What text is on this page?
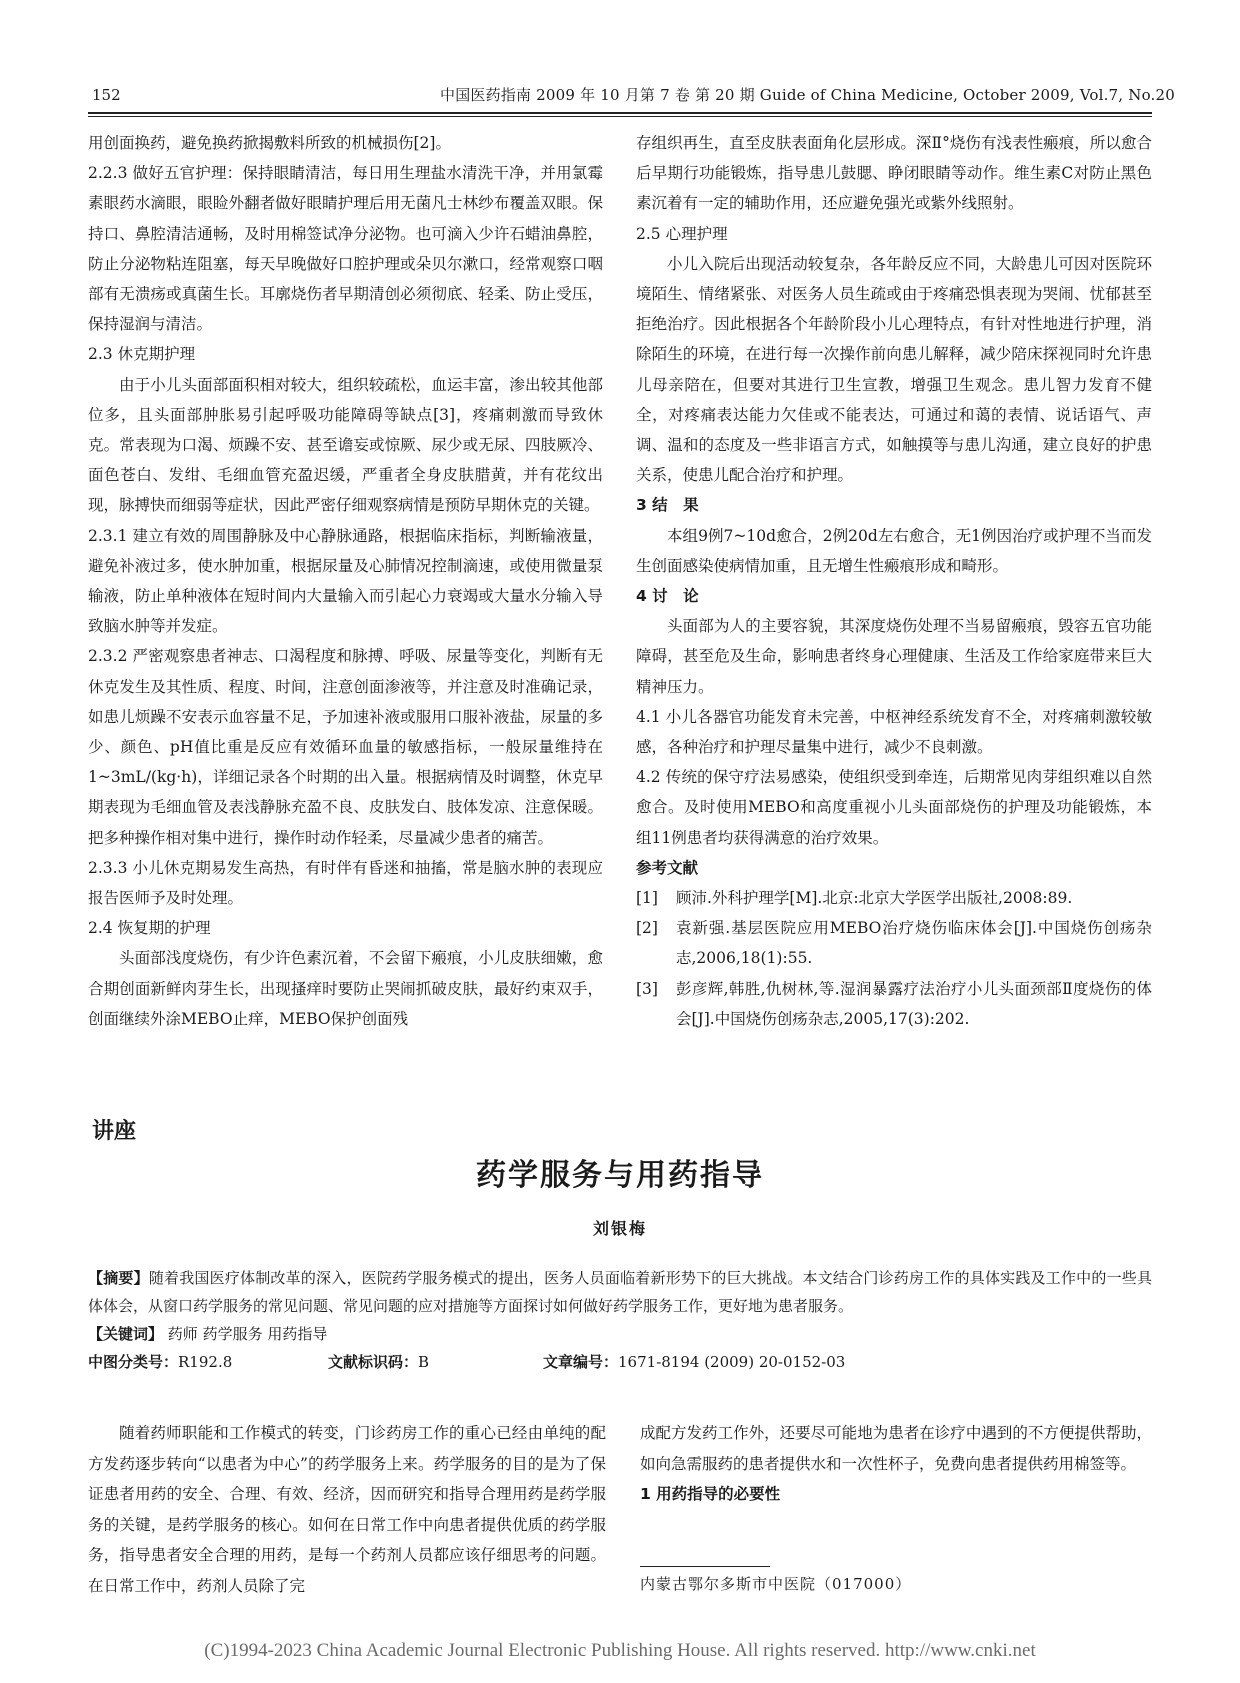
152	中国医药指南 2009 年 10 月第 7 卷 第 20 期 Guide of China Medicine, October 2009, Vol.7, No.20

用创面换药，避免换药掀揭敷料所致的机械损伤[2]。

2.2.3 做好五官护理：保持眼睛清洁，每日用生理盐水清洗干净，并用氯霉素眼药水滴眼，眼睑外翻者做好眼睛护理后用无菌凡士林纱布覆盖双眼。保持口、鼻腔清洁通畅，及时用棉签试净分泌物。也可滴入少许石蜡油鼻腔，防止分泌物粘连阻塞，每天早晚做好口腔护理或朵贝尔漱口，经常观察口咽部有无溃疡或真菌生长。耳廓烧伤者早期清创必须彻底、轻柔、防止受压，保持湿润与清洁。

2.3 休克期护理

由于小儿头面部面积相对较大，组织较疏松，血运丰富，渗出较其他部位多，且头面部肿胀易引起呼吸功能障碍等缺点[3]，疼痛刺激而导致休克。常表现为口渴、烦躁不安、甚至谵妄或惊厥、尿少或无尿、四肢厥冷、面色苍白、发绀、毛细血管充盈迟缓，严重者全身皮肤腊黄，并有花纹出现，脉搏快而细弱等症状，因此严密仔细观察病情是预防早期休克的关键。

2.3.1 建立有效的周围静脉及中心静脉通路，根据临床指标，判断输液量，避免补液过多，使水肿加重，根据尿量及心肺情况控制滴速，或使用微量泵输液，防止单种液体在短时间内大量输入而引起心力衰竭或大量水分输入导致脑水肿等并发症。

2.3.2 严密观察患者神志、口渴程度和脉搏、呼吸、尿量等变化，判断有无休克发生及其性质、程度、时间，注意创面渗液等，并注意及时准确记录，如患儿烦躁不安表示血容量不足，予加速补液或服用口服补液盐，尿量的多少、颜色、pH值比重是反应有效循环血量的敏感指标，一般尿量维持在1~3mL/(kg·h)，详细记录各个时期的出入量。根据病情及时调整，休克早期表现为毛细血管及表浅静脉充盈不良、皮肤发白、肢体发凉、注意保暖。把多种操作相对集中进行，操作时动作轻柔，尽量减少患者的痛苦。

2.3.3 小儿休克期易发生高热，有时伴有昏迷和抽搐，常是脑水肿的表现应报告医师予及时处理。

2.4 恢复期的护理

头面部浅度烧伤，有少许色素沉着，不会留下瘢痕，小儿皮肤细嫩，愈合期创面新鲜肉芽生长，出现搔痒时要防止哭闹抓破皮肤，最好约束双手，创面继续外涂MEBO止痒，MEBO保护创面残

存组织再生，直至皮肤表面角化层形成。深Ⅱ°烧伤有浅表性瘢痕，所以愈合后早期行功能锻炼，指导患儿鼓腮、睁闭眼睛等动作。维生素C对防止黑色素沉着有一定的辅助作用，还应避免强光或紫外线照射。

2.5 心理护理

小儿入院后出现活动较复杂，各年龄反应不同，大龄患儿可因对医院环境陌生、情绪紧张、对医务人员生疏或由于疼痛恐惧表现为哭闹、忧郁甚至拒绝治疗。因此根据各个年龄阶段小儿心理特点，有针对性地进行护理，消除陌生的环境，在进行每一次操作前向患儿解释，减少陪床探视同时允许患儿母亲陪在，但要对其进行卫生宣教，增强卫生观念。患儿智力发育不健全，对疼痛表达能力欠佳或不能表达，可通过和蔼的表情、说话语气、声调、温和的态度及一些非语言方式，如触摸等与患儿沟通，建立良好的护患关系，使患儿配合治疗和护理。

3 结　果

本组9例7~10d愈合，2例20d左右愈合，无1例因治疗或护理不当而发生创面感染使病情加重，且无增生性瘢痕形成和畸形。

4 讨　论

头面部为人的主要容貌，其深度烧伤处理不当易留瘢痕，毁容五官功能障碍，甚至危及生命，影响患者终身心理健康、生活及工作给家庭带来巨大精神压力。

4.1 小儿各器官功能发育未完善，中枢神经系统发育不全，对疼痛刺激较敏感，各种治疗和护理尽量集中进行，减少不良刺激。

4.2 传统的保守疗法易感染，使组织受到牵连，后期常见肉芽组织难以自然愈合。及时使用MEBO和高度重视小儿头面部烧伤的护理及功能锻炼，本组11例患者均获得满意的治疗效果。

参考文献

[1]	顾沛.外科护理学[M].北京:北京大学医学出版社,2008:89.
[2]	袁新强.基层医院应用MEBO治疗烧伤临床体会[J].中国烧伤创疡杂志,2006,18(1):55.
[3]	彭彦辉,韩胜,仇树林,等.湿润暴露疗法治疗小儿头面颈部Ⅱ度烧伤的体会[J].中国烧伤创疡杂志,2005,17(3):202.
讲座
药学服务与用药指导
刘银梅
【摘要】随着我国医疗体制改革的深入，医院药学服务模式的提出，医务人员面临着新形势下的巨大挑战。本文结合门诊药房工作的具体实践及工作中的一些具体体会，从窗口药学服务的常见问题、常见问题的应对措施等方面探讨如何做好药学服务工作，更好地为患者服务。
【关键词】 药师 药学服务 用药指导
中图分类号：R192.8	文献标识码：B	文章编号：1671-8194 (2009) 20-0152-03

随着药师职能和工作模式的转变，门诊药房工作的重心已经由单纯的配方发药逐步转向“以患者为中心”的药学服务上来。药学服务的目的是为了保证患者用药的安全、合理、有效、经济，因而研究和指导合理用药是药学服务的关键，是药学服务的核心。如何在日常工作中向患者提供优质的药学服务，指导患者安全合理的用药，是每一个药剂人员都应该仔细思考的问题。在日常工作中，药剂人员除了完

成配方发药工作外，还要尽可能地为患者在诊疗中遇到的不方便提供帮助，如向急需服药的患者提供水和一次性杯子，免费向患者提供药用棉签等。

1 用药指导的必要性

内蒙古鄂尔多斯市中医院（017000）
(C)1994-2023 China Academic Journal Electronic Publishing House. All rights reserved. http://www.cnki.net
